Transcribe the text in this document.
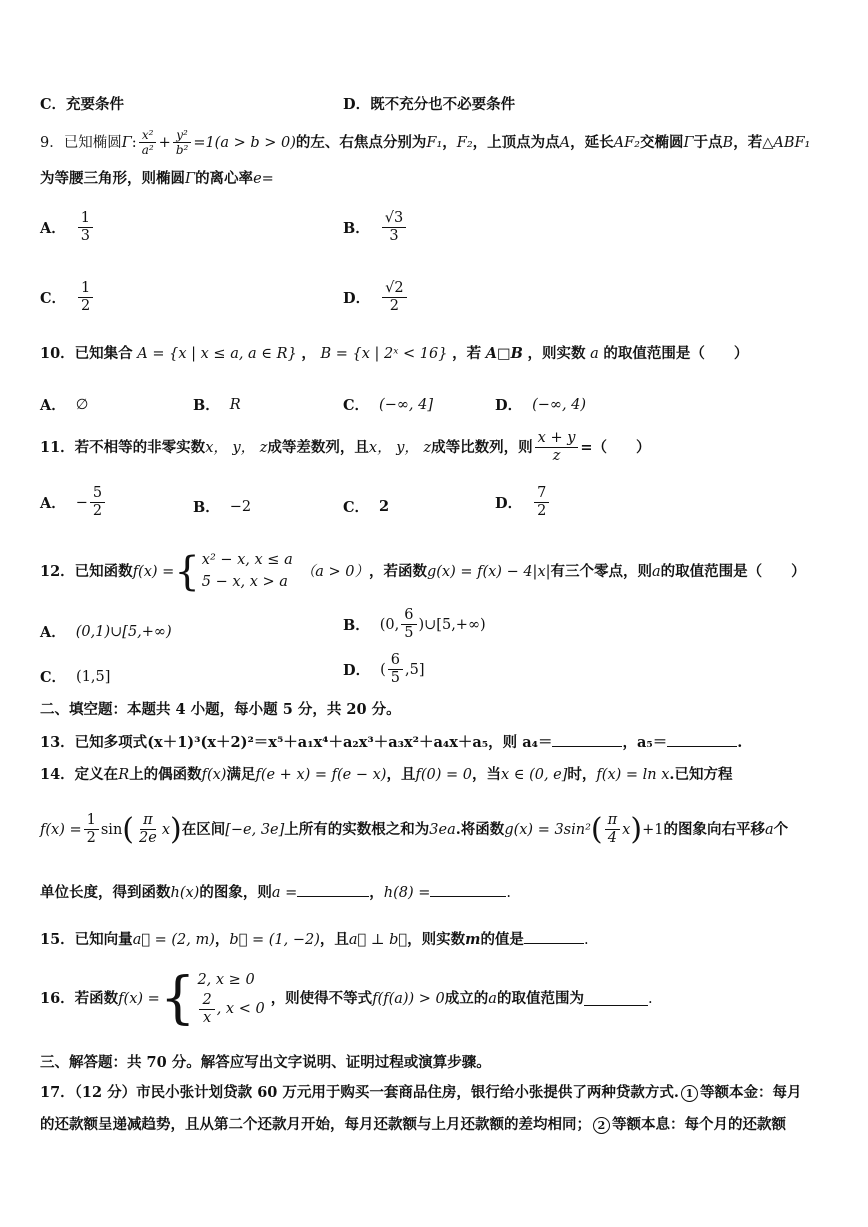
C．充要条件	D．既不充分也不必要条件
9．已知椭圆 Γ : $\frac{\text{x²}}{\text{a²}} + \frac{\text{y²}}{\text{b²}} =1(a > b > 0)$ 的左、右焦点分别为 F₁ ， F₂ ，上顶点为点 A ，延长 AF₂ 交椭圆 Γ 于点 B ，若 △ABF₁
为等腰三角形，则椭圆Γ的离心率e=
A． $\frac{1}{3}$	B． $\frac{√3}{3}$
C． $\frac{1}{2}$	D． $\frac{√2}{2}$
10．已知集合 A = {x | x ≤ a, a ∈ R} ， B = {x | 2ˣ < 16} ，若 A□B ，则实数 a 的取值范围是（　　）
A． ∅	B． R	C． (−∞, 4]	D． (−∞, 4)
11．若不相等的非零实数 x， y， z 成等差数列，且 x， y， z 成等比数列，则 $\frac{x + y}{z}$ =（　　）
A． − $\frac{5}{2}$	B． −2	C． 2	D． $\frac{7}{2}$
12．已知函数 f(x) = { x² − x, x ≤ a
5 − x, x > a
（a > 0） ，若函数 g(x) = f(x) − 4|x| 有三个零点，则 a 的取值范围是（　　）
A． (0,1)∪[5,+∞)	B． (0, $\frac{6}{5}$ )∪[5,+∞)
C． (1,5]	D． ( $\frac{6}{5} ,5$]
二、填空题：本题共 4 小题，每小题 5 分，共 20 分。
13．已知多项式(x＋1)³(x＋2)²＝x⁵＋a₁x⁴＋a₂x³＋a₃x²＋a₄x＋a₅，则 a₄＝	，a₅＝	.
14．定义在R上的偶函数f(x)满足f(e + x) = f(e − x)，且f(0) = 0，当x ∈ (0, e]时，f(x) = ln x.已知方程
$f(x) = \frac{1}{2}$ sin ( $\frac{\pi}{2e}$ x ) 在区间 [−e, 3e] 上所有的实数根之和为 3ea .将函数 g(x) = 3sin² ( $\frac{\pi}{4}$ x ) +1 的图象向右平移 a 个
单位长度，得到函数h(x)的图象，则a =	，h(8) =	.
15．已知向量a⃗ = (2, m)，b⃗ = (1, −2)，且a⃗ ⊥ b⃗，则实数m的值是	.
16．若函数 f(x) = { 2, x ≥ 0
$\frac{2}{x}$ , x < 0
，则使得不等式 f(f(a)) > 0 成立的 a 的取值范围为	.
三、解答题：共 70 分。解答应写出文字说明、证明过程或演算步骤。
17．（12 分）市民小张计划贷款 60 万元用于购买一套商品住房，银行给小张提供了两种贷款方式. 1 等额本金：每月
的还款额呈递减趋势，且从第二个还款月开始，每月还款额与上月还款额的差均相同； 2 等额本息：每个月的还款额
